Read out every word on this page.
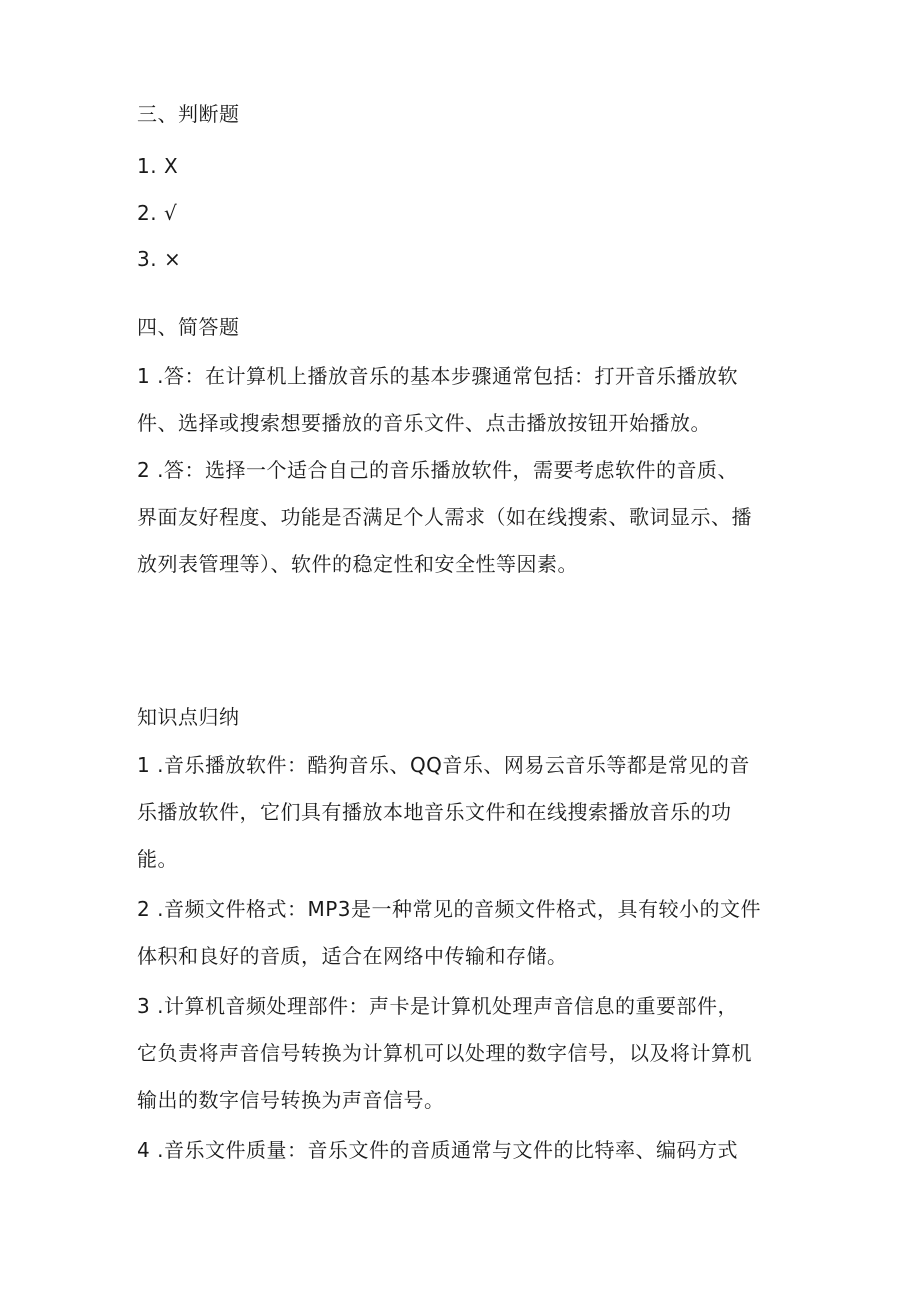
三、判断题
1. X
2. √
3. ×
四、简答题
1 .答：在计算机上播放音乐的基本步骤通常包括：打开音乐播放软
件、选择或搜索想要播放的音乐文件、点击播放按钮开始播放。
2 .答：选择一个适合自己的音乐播放软件，需要考虑软件的音质、
界面友好程度、功能是否满足个人需求（如在线搜索、歌词显示、播
放列表管理等）、软件的稳定性和安全性等因素。
知识点归纳
1 .音乐播放软件：酷狗音乐、QQ音乐、网易云音乐等都是常见的音
乐播放软件，它们具有播放本地音乐文件和在线搜索播放音乐的功
能。
2 .音频文件格式：MP3是一种常见的音频文件格式，具有较小的文件
体积和良好的音质，适合在网络中传输和存储。
3 .计算机音频处理部件：声卡是计算机处理声音信息的重要部件，
它负责将声音信号转换为计算机可以处理的数字信号，以及将计算机
输出的数字信号转换为声音信号。
4 .音乐文件质量：音乐文件的音质通常与文件的比特率、编码方式
